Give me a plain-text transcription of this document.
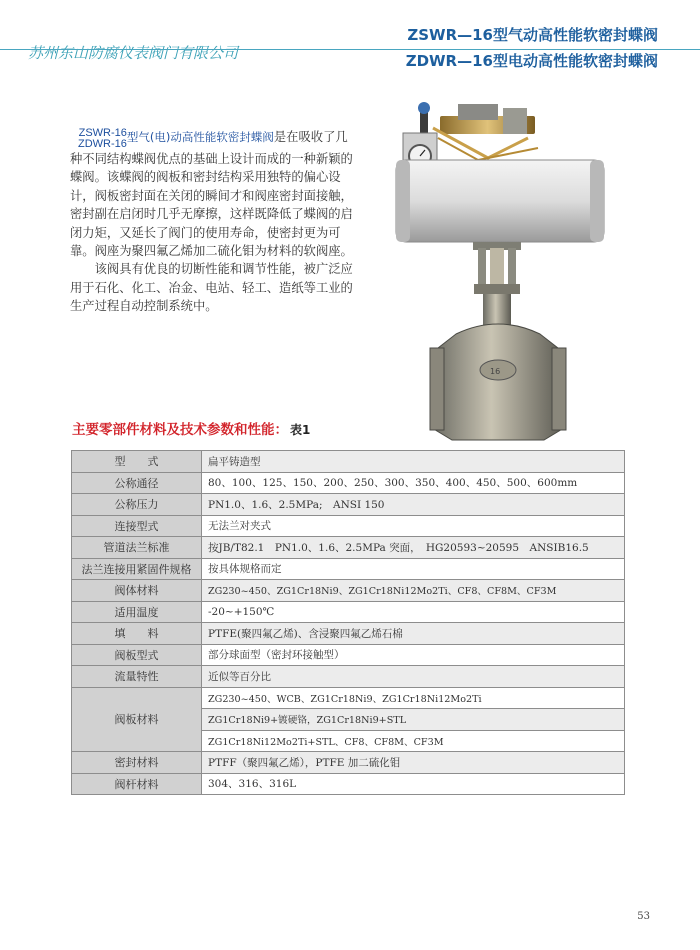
ZSWR—16型气动高性能软密封蝶阀
苏州东山防腐仪表阀门有限公司	ZDWR—16型电动高性能软密封蝶阀

ZSWR-16
ZDWR-16型气(电)动高性能软密封蝶阀是在吸收了几种不同结构蝶阀优点的基础上设计而成的一种新颖的蝶阀。该蝶阀的阀板和密封结构采用独特的偏心设计，阀板密封面在关闭的瞬间才和阀座密封面接触，密封副在启闭时几乎无摩擦，这样既降低了蝶阀的启闭力矩，又延长了阀门的使用寿命，使密封更为可靠。阀座为聚四氟乙烯加二硫化钼为材料的软阀座。

该阀具有优良的切断性能和调节性能，被广泛应用于石化、化工、冶金、电站、轻工、造纸等工业的生产过程自动控制系统中。

16
主要零部件材料及技术参数和性能： 表1
型　　式	扁平铸造型
公称通径	80、100、125、150、200、250、300、350、400、450、500、600mm
公称压力	PN1.0、1.6、2.5MPa;　ANSI 150
连接型式	无法兰对夹式
管道法兰标准	按JB/T82.1　PN1.0、1.6、2.5MPa 突面，　HG20593~20595　ANSIB16.5
法兰连接用紧固件规格	按具体规格而定
阀体材料	ZG230~450、ZG1Cr18Ni9、ZG1Cr18Ni12Mo2Ti、CF8、CF8M、CF3M
适用温度	-20~+150℃
填　　料	PTFE(聚四氟乙烯)、含浸聚四氟乙烯石棉
阀板型式	部分球面型（密封环接触型）
流量特性	近似等百分比
阀板材料	ZG230~450、WCB、ZG1Cr18Ni9、ZG1Cr18Ni12Mo2Ti
	ZG1Cr18Ni9+镀硬铬，ZG1Cr18Ni9+STL
	ZG1Cr18Ni12Mo2Ti+STL、CF8、CF8M、CF3M
密封材料	PTFF（聚四氟乙烯），PTFE 加二硫化钼
阀杆材料	304、316、316L
53
